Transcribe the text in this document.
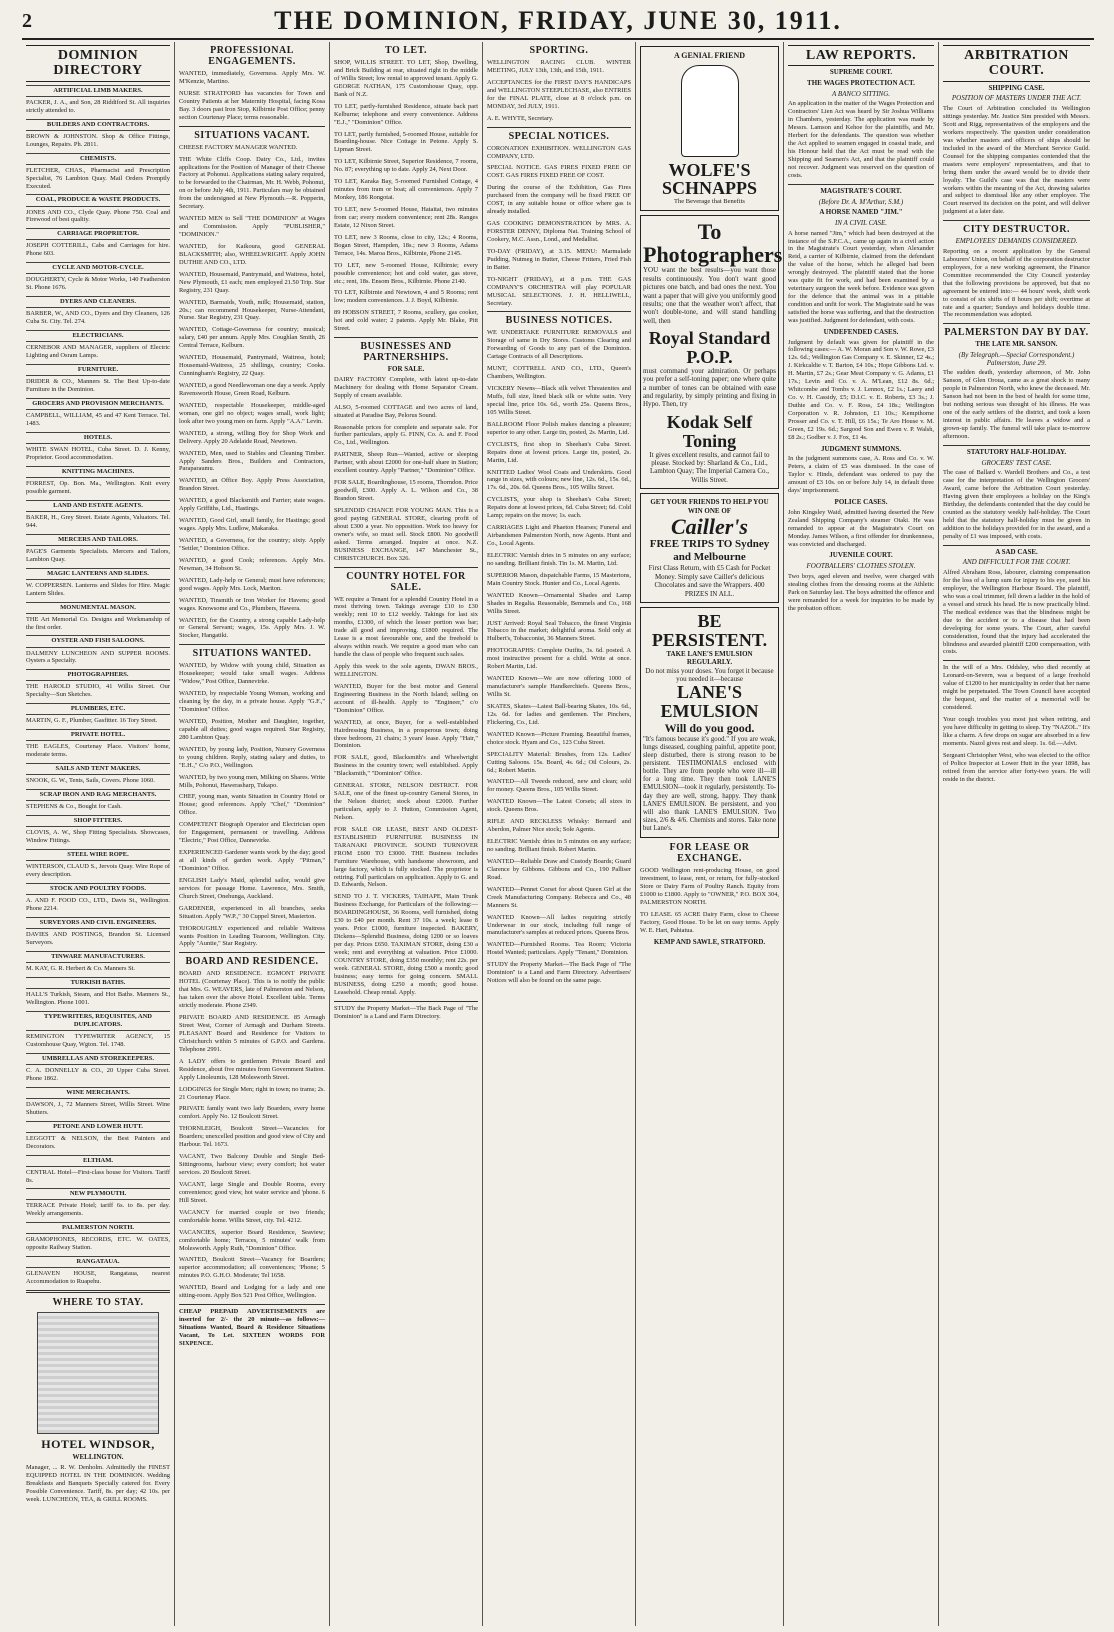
2	THE DOMINION, FRIDAY, JUNE 30, 1911.
DOMINION DIRECTORY
ARTIFICIAL LIMB MAKERS.
PACKER, J. A., and Son, 28 Riddiford St. All inquiries strictly attended to.
BUILDERS AND CONTRACTORS.
BROWN & JOHNSTON. Shop & Office Fittings, Lounges, Repairs. Ph. 2811.
CHEMISTS.
FLETCHER, CHAS., Pharmacist and Prescription Specialist, 76 Lambton Quay. Mail Orders Promptly Executed.
COAL, PRODUCE & WASTE PRODUCTS.
JONES AND CO., Clyde Quay. Phone 750. Coal and Firewood of best quality.
CARRIAGE PROPRIETOR.
JOSEPH COTTERILL, Cabs and Carriages for hire. Phone 603.
CYCLE AND MOTOR-CYCLE.
DOUGHERTY, Cycle & Motor Works, 140 Featherston St. Phone 1676.
DYERS AND CLEANERS.
BARBER, W., AND CO., Dyers and Dry Cleaners, 126 Cuba St. City. Tel. 274.
ELECTRICIANS.
CERNEBOR AND MANAGER, suppliers of Electric Lighting and Osram Lamps.
FURNITURE.
DRIDER & CO., Manners St. The Best Up-to-date Furniture in the Dominion.
GROCERS AND PROVISION MERCHANTS.
CAMPBELL, WILLIAM, 45 and 47 Kent Terrace. Tel. 1483.
HOTELS.
WHITE SWAN HOTEL, Cuba Street. D. J. Kenny, Proprietor. Good accommodation.
KNITTING MACHINES.
FORREST, Op. Bon. Ma., Wellington. Knit every possible garment.
LAND AND ESTATE AGENTS.
BAKER, H., Grey Street. Estate Agents, Valuators. Tel. 944.
MERCERS AND TAILORS.
PAGE'S Garments Specialists. Mercers and Tailors, Lambton Quay.
MAGIC LANTERNS AND SLIDES.
W. COPPERSEN. Lanterns and Slides for Hire. Magic Lantern Slides.
MONUMENTAL MASON.
THE Art Memorial Co. Designs and Workmanship of the first order.
OYSTER AND FISH SALOONS.
DALMENY LUNCHEON AND SUPPER ROOMS. Oysters a Specialty.
PHOTOGRAPHERS.
THE HAROLD STUDIO, 41 Willis Street. Our Specialty—Sun Sketches.
PLUMBERS, ETC.
MARTIN, G. F., Plumber, Gasfitter. 16 Tory Street.
PRIVATE HOTEL.
THE EAGLES, Courtenay Place. Visitors' home, moderate terms.
SAILS AND TENT MAKERS.
SNOOK, G. W., Tents, Sails, Covers. Phone 1060.
SCRAP IRON AND RAG MERCHANTS.
STEPHENS & Co., Bought for Cash.
SHOP FITTERS.
CLOVIS, A. W., Shop Fitting Specialists. Showcases, Window Fittings.
STEEL WIRE ROPE.
WINTERSON, CLAUD S., Jervois Quay. Wire Rope of every description.
STOCK AND POULTRY FOODS.
A. AND F. FOOD CO., LTD., Davis St., Wellington. Phone 2214.
SURVEYORS AND CIVIL ENGINEERS.
DAVIES AND POSTINGS, Brandon St. Licensed Surveyors.
TINWARE MANUFACTURERS.
M. KAY, G. R. Herbert & Co. Manners St.
TURKISH BATHS.
HALL'S Turkish, Steam, and Hot Baths. Manners St., Wellington. Phone 1001.
TYPEWRITERS, REQUISITES, AND DUPLICATORS.
REMINGTON TYPEWRITER AGENCY, 15 Customhouse Quay, Wgton. Tel. 1748.
UMBRELLAS AND STOREKEEPERS.
C. A. DONNELLY & CO., 20 Upper Cuba Street. Phone 1862.
WINE MERCHANTS.
DAWSON, J., 72 Manners Street, Willis Street. Wine Shutters.
PETONE AND LOWER HUTT.
LEGGOTT & NELSON, the Best Painters and Decorators.
ELTHAM.
CENTRAL Hotel—First-class house for Visitors. Tariff 8s.
NEW PLYMOUTH.
TERRACE Private Hotel; tariff 6s. to 8s. per day. Weekly arrangements.
PALMERSTON NORTH.
GRAMOPHONES, RECORDS, ETC. W. OATES, opposite Railway Station.
RANGATAUA.
GLENAVEN HOUSE, Rangataua, nearest Accommodation to Ruapehu.
WHERE TO STAY.
HOTEL WINDSOR,
WELLINGTON.
Manager, ... R. W. Denholm. Admittedly the FINEST EQUIPPED HOTEL IN THE DOMINION. Wedding Breakfasts and Banquets Specially catered for. Every Possible Convenience. Tariff, 8s. per day; 42 10s. per week. LUNCHEON, TEA, & GRILL ROOMS.
PROFESSIONAL ENGAGEMENTS.
WANTED, immediately, Governess. Apply Mrs. W. M'Kenzie, Martino.
NURSE STRATFORD has vacancies for Town and Country Patients at her Maternity Hospital, facing Kosa Bay. 3 doors past Iron Stop, Kilbirnie Post Office; penny section Courtenay Place; terms reasonable.
SITUATIONS VACANT.
CHEESE FACTORY MANAGER WANTED.
THE White Cliffs Coop. Dairy Co., Ltd., invites applications for the Position of Manager of their Cheese Factory at Pohonui. Applications stating salary required, to be forwarded to the Chairman, Mr. H. Webb, Pohonui, on or before July 4th, 1911. Particulars may be obtained from the undersigned at New Plymouth.—R. Popperin, Secretary.
WANTED MEN to Sell "THE DOMINION" at Wages and Commission. Apply "PUBLISHER," "DOMINION."
WANTED, for Kaikoura, good GENERAL BLACKSMITH; also, WHEELWRIGHT. Apply JOHN DUTHIE AND CO., LTD.
WANTED, Housemaid, Pantrymaid, and Waitress, hotel, New Plymouth, £1 each; men employed 21.50 Trip. Star Registry, 231 Quay.
WANTED, Barmaids, Youth, milk; Housemaid, station, 20s.; can recommend Housekeeper, Nurse-Attendant, Nurse. Star Registry, 231 Quay.
WANTED, Cottage-Governess for country; musical; salary, £40 per annum. Apply Mrs. Coughlan Smith, 26 Central Terrace, Kelburn.
WANTED, Housemaid, Pantrymaid, Waitress, hotel; Housemaid-Waitress, 25 shillings, country; Cooks. Cunningham's Registry, 22 Quay.
WANTED, a good Needlewoman one day a week. Apply Ravensworth House, Green Road, Kelburn.
WANTED, respectable Housekeeper, middle-aged woman, one girl no object; wages small, work light; look after two young men on farm. Apply "A.A." Levin.
WANTED, a strong, willing Boy for Shop Work and Delivery. Apply 20 Adelaide Road, Newtown.
WANTED, Men, used to Stables and Cleaning Timber. Apply Sanders Bros., Builders and Contractors, Paraparaumu.
WANTED, an Office Boy. Apply Press Association, Brandon Street.
WANTED, a good Blacksmith and Farrier; state wages. Apply Griffiths, Ltd., Hastings.
WANTED, Good Girl, small family, for Hastings; good wages. Apply Mrs. Ludlow, Makaraka.
WANTED, a Governess, for the country; sixty. Apply "Settler," Dominion Office.
WANTED, a good Cook; references. Apply Mrs. Newman, 34 Hobson St.
WANTED, Lady-help or General; must have references; good wages. Apply Mrs. Lock, Mariton.
WANTED, Tinsmith or Iron Worker for Havens; good wages. Knowsome and Co., Plumbers, Hawera.
WANTED, for the Country, a strong capable Lady-help or General Servant; wages, 15s. Apply Mrs. J. W. Stocker, Hangatiki.
SITUATIONS WANTED.
WANTED, by Widow with young child, Situation as Housekeeper; would take small wages. Address "Widow," Post Office, Dannevirke.
WANTED, by respectable Young Woman, working and cleaning by the day, in a private house. Apply "G.F.," "Dominion" Office.
WANTED, Position, Mother and Daughter, together, capable all duties; good wages required. Star Registry, 280 Lambton Quay.
WANTED, by young lady, Position, Nursery Governess to young children. Reply, stating salary and duties, to "E.H.," C/o P.O., Wellington.
WANTED, by two young men, Milking on Shares. Write Mills, Pohonui, Hawerasharp, Tukapo.
CHEF, young man, wants Situation in Country Hotel or House; good references. Apply "Chef," "Dominion" Office.
COMPETENT Biograph Operator and Electrician open for Engagement, permanent or travelling. Address "Electric," Post Office, Dannevirke.
EXPERIENCED Gardener wants work by the day; good at all kinds of garden work. Apply "Pitman," "Dominion" Office.
ENGLISH Lady's Maid, splendid sailor, would give services for passage Home. Lawrence, Mrs. Smith, Church Street, Onehunga, Auckland.
GARDENER, experienced in all branches, seeks Situation. Apply "W.P.," 30 Cuppel Street, Masterton.
THOROUGHLY experienced and reliable Waitress wants Position in Leading Tearoom, Wellington. City. Apply "Auntie," Star Registry.
BOARD AND RESIDENCE.
BOARD AND RESIDENCE. EGMONT PRIVATE HOTEL (Courtenay Place). This is to notify the public that Mrs. G. WEAVERS, late of Palmerston and Nelson, has taken over the above Hotel. Excellent table. Terms strictly moderate. Phone 2349.
PRIVATE BOARD AND RESIDENCE. 85 Armagh Street West, Corner of Armagh and Durham Streets. PLEASANT Board and Residence for Visitors to Christchurch within 5 minutes of G.P.O. and Gardens. Telephone 2991.
A LADY offers to gentlemen Private Board and Residence, about five minutes from Government Station. Apply Linoleumis, 128 Molesworth Street.
LODGINGS for Single Men; right in town; no trams; 2s. 21 Courtenay Place.
PRIVATE family want two lady Boarders, every home comfort. Apply No. 12 Boulcott Street.
THORNLEIGH, Boulcott Street—Vacancies for Boarders; unexcelled position and good view of City and Harbour. Tel. 1673.
VACANT, Two Balcony Double and Single Bed-Sittingrooms, harbour view; every comfort; hot water services. 20 Boulcott Street.
VACANT, large Single and Double Rooms, every convenience; good view, hot water service and 'phone. 6 Hill Street.
VACANCY for married couple or two friends; comfortable home. Willis Street, city. Tel. 4212.
VACANCIES, superior Board Residence, Seaview; comfortable home; Terraces, 5 minutes' walk from Molesworth. Apply Ruth, "Dominion" Office.
WANTED, Boulcott Street—Vacancy for Boarders; superior accommodation; all conveniences; 'Phone; 5 minutes P.O. G.H.O. Moderate; Tel 1658.
WANTED, Board and Lodging for a lady and one sitting-room. Apply Box 521 Post Office, Wellington.
CHEAP PREPAID ADVERTISEMENTS are inserted for 2/- the 20 minute—as follows:— Situations Wanted, Board & Residence Situations Vacant, To Let. SIXTEEN WORDS FOR SIXPENCE.
TO LET.
SHOP, WILLIS STREET. TO LET, Shop, Dwelling, and Brick Building at rear, situated right in the middle of Willis Street; low rental to approved tenant. Apply G. GEORGE NATHAN, 175 Customhouse Quay, opp. Bank of N.Z.
TO LET, partly-furnished Residence, situate back part Kelburne; telephone and every convenience. Address "E.J.," "Dominion" Office.
TO LET, partly furnished, 5-roomed House, suitable for Boarding-house. Nice Cottage in Petone. Apply S. Lipman Street.
TO LET, Kilbirnie Street, Superior Residence, 7 rooms, No. 87; everything up to date. Apply 24, Next Door.
TO LET, Karaka Bay, 5-roomed Furnished Cottage, 4 minutes from tram or boat; all conveniences. Apply 7 Monkey, 186 Rongotai.
TO LET, new 5-roomed House, Hataitai, two minutes from car; every modern convenience; rent 28s. Ranges Estate, 12 Nixon Street.
TO LET, new 3 Rooms, close to city, 12s.; 4 Rooms, Bogan Street, Hampden, 18s.; new 3 Rooms, Adams Terrace, 14s. Maroa Bros., Kilbirnie, Phone 2145.
TO LET, new 5-roomed House, Kilbirnie; every possible convenience; hot and cold water, gas stove, etc.; rent, 18s. Ensom Bros., Kilbirnie. Phone 2140.
TO LET, Kilbirnie and Newtown, 4 and 5 Rooms; rent low; modern conveniences. J. J. Boyd, Kilbirnie.
89 HOBSON STREET, 7 Rooms, scullery, gas cooker, hot and cold water; 2 patents. Apply Mr. Blake, Pitt Street.
BUSINESSES AND PARTNERSHIPS.
FOR SALE.
DAIRY FACTORY Complete, with latest up-to-date Machinery for dealing with Home Separator Cream. Supply of cream available.
ALSO, 5-roomed COTTAGE and two acres of land, situated at Paradise Bay, Pelorus Sound.
Reasonable prices for complete and separate sale. For further particulars, apply G. FINN, Co. A. and F. Food Co., Ltd., Wellington.
PARTNER, Sheep Run—Wanted, active or sleeping Partner, with about £2000 for one-half share in Station; excellent country. Apply "Partner," "Dominion" Office.
FOR SALE, Boardinghouse, 15 rooms, Thorndon. Price goodwill, £300. Apply A. L. Wilson and Co., 38 Brandon Street.
SPLENDID CHANCE FOR YOUNG MAN. This is a good paying GENERAL STORE, clearing profit of about £300 a year. No opposition. Work too heavy for owner's wife, so must sell. Stock £800. No goodwill asked. Terms arranged. Inquire at once. N.Z. BUSINESS EXCHANGE, 147 Manchester St., CHRISTCHURCH. Box 326.
COUNTRY HOTEL FOR SALE.
WE require a Tenant for a splendid Country Hotel in a most thriving town. Takings average £10 to £30 weekly; rent 10 to £12 weekly. Takings for last six months, £1300, of which the lesser portion was bar; trade all good and improving. £1800 required. The Lease is a most favourable one, and the freehold is always within reach. We require a good man who can handle the class of people who frequent such sales.
Apply this week to the sole agents, DWAN BROS., WELLINGTON.
WANTED, Buyer for the best motor and General Engineering Business in the North Island; selling on account of ill-health. Apply to "Engineer," c/o "Dominion" Office.
WANTED, at once, Buyer, for a well-established Hairdressing Business, in a prosperous town; doing three bedroom, 21 chairs; 3 years' lease. Apply "Hair," Dominion.
FOR SALE, good, Blacksmith's and Wheelwright Business in the country town; well established. Apply "Blacksmith," "Dominion" Office.
GENERAL STORE, NELSON DISTRICT. FOR SALE, one of the finest up-country General Stores, in the Nelson district; stock about £2000. Further particulars, apply to J. Hutton, Commission Agent, Nelson.
FOR SALE OR LEASE, BEST AND OLDEST-ESTABLISHED FURNITURE BUSINESS IN TARANAKI PROVINCE. SOUND TURNOVER FROM £600 TO £3000. THE Business includes Furniture Warehouse, with handsome showroom, and large factory, which is fully stocked. The proprietor is retiring. Full particulars on application. Apply to G. and D. Edwards, Nelson.
SEND TO J. T. VICKERS, TAIHAPE, Main Trunk Business Exchange, for Particulars of the following:— BOARDINGHOUSE, 36 Rooms, well furnished, doing £30 to £40 per month. Rent 37 10s. a week; lease 8 years. Price £1000, furniture inspected. BAKERY, Dickens—Splendid Business, doing 1200 or so loaves per day. Prices £650. TAXIMAN STORE, doing £30 a week; rent and everything at valuation. Price £1000. COUNTRY STORE, doing £350 monthly; rent 22s. per week. GENERAL STORE, doing £500 a month; good business; easy terms for going concern. SMALL BUSINESS, doing £250 a month; good house. Leasehold. Cheap rental. Apply.
STUDY the Property Market—The Back Page of "The Dominion" is a Land and Farm Directory.
SPORTING.
WELLINGTON RACING CLUB. WINTER MEETING, JULY 13th, 13th, and 15th, 1911.
ACCEPTANCES for the FIRST DAY'S HANDICAPS and WELLINGTON STEEPLECHASE, also ENTRIES for the FINAL PLATE, close at 8 o'clock p.m. on MONDAY, 3rd JULY, 1911.
A. E. WHYTE, Secretary.
SPECIAL NOTICES.
CORONATION EXHIBITION. WELLINGTON GAS COMPANY, LTD.
SPECIAL NOTICE. GAS FIRES FIXED FREE OF COST. GAS FIRES FIXED FREE OF COST.
During the course of the Exhibition, Gas Fires purchased from the company will be fixed FREE OF COST, in any suitable house or office where gas is already installed.
GAS COOKING DEMONSTRATION by MRS. A. FORSTER DENNY, Diploma Nat. Training School of Cookery, M.C. Assn., Lond., and Medallist.
TO-DAY (FRIDAY), at 3.15. MENU: Marmalade Pudding, Nutmeg in Butter, Cheese Fritters, Fried Fish in Batter.
TO-NIGHT (FRIDAY), at 8 p.m. THE GAS COMPANY'S ORCHESTRA will play POPULAR MUSICAL SELECTIONS. J. H. HELLIWELL, Secretary.
BUSINESS NOTICES.
WE UNDERTAKE FURNITURE REMOVALS and Storage of same in Dry Stores. Customs Clearing and Forwarding of Goods to any part of the Dominion. Cartage Contracts of all Descriptions.
MUNT, COTTRELL AND CO., LTD., Queen's Chambers, Wellington.
VICKERY Newns—Black silk velvet Threatenites and Muffs, full size, lined black silk or white satin. Very special line, price 10s. 6d., worth 25s. Queens Bros., 105 Willis Street.
BALLROOM Floor Polish makes dancing a pleasure; superior to any other. Large tin, posted, 2s. Martin, Ltd.
CYCLISTS, first shop in Sheehan's Cuba Street. Repairs done at lowest prices. Large tin, posted, 2s. Martin, Ltd.
KNITTED Ladies' Wool Coats and Underskirts. Good range in sizes, with colours; new line, 12s. 6d., 15s. 6d., 17s. 6d., 20s. 6d. Queens Bros., 105 Willis Street.
CYCLISTS, your shop is Sheehan's Cuba Street; Repairs done at lowest prices, 6d. Cuba Street; 6d. Cold Lamp; repairs on the move; 1s. each.
CARRIAGES Light and Phaeton Hearses; Funeral and Airbandsmen Palmerston North, now Agents. Hunt and Co., Local Agents.
ELECTRIC Varnish dries in 5 minutes on any surface; no sanding. Brilliant finish. Tin 1s. M. Martin, Ltd.
SUPERIOR Mason, dispatchable Farms, 15 Mastertons, Main Country Stock. Hunter and Co., Local Agents.
WANTED Known—Ornamental Shades and Lamp Shades in Regalia. Reasonable, Bemmels and Co., 168 Willis Street.
JUST Arrived: Royal Seal Tobacco, the finest Virginia Tobacco in the market; delightful aroma. Sold only at Hulbert's, Tobacconist, 36 Manners Street.
PHOTOGRAPHS: Complete Outfits, 3s. 6d. posted. A most instructive present for a child. Write at once. Robert Martin, Ltd.
WANTED Known—We are now offering 1000 of manufacturer's sample Handkerchiefs. Queens Bros., Willis St.
SKATES, Skates—Latest Ball-bearing Skates, 10s. 6d., 12s. 6d. for ladies and gentlemen. The Pinchers, Flickering, Co., Ltd.
WANTED Known—Picture Framing. Beautiful frames, choice stock. Hyam and Co., 123 Cuba Street.
SPECIALITY Material: Brushes, from 12s. Ladies' Cutting Saloons. 15s. Board, 4s. 6d.; Oil Colours, 2s. 6d.; Robert Martin.
WANTED—All Tweeds reduced, new and clean; sold for money. Queens Bros., 105 Willis Street.
WANTED Known—The Latest Corsets; all sizes in stock. Queens Bros.
RIFLE AND RECKLESS Whisky: Bernard and Aberdon, Palmer Nice stock; Sole Agents.
ELECTRIC Varnish: dries in 5 minutes on any surface; no sanding. Brilliant finish. Robert Martin.
WANTED—Reliable Draw and Custody Boards; Guard Clarence by Gibbons. Gibbons and Co., 190 Palliser Road.
WANTED—Pennet Corset for about Queen Girl at the Creek Manufacturing Company. Rebecca and Co., 48 Manners St.
WANTED Known—All ladies requiring strictly Underwear in our stock, including full range of manufacturer's samples at reduced prices. Queens Bros.
WANTED—Furnished Rooms. Tea Room; Victoria Hostel Wanted; particulars. Apply "Tenant," Dominion.
STUDY the Property Market—The Back Page of "The Dominion" is a Land and Farm Directory. Advertisers' Notices will also be found on the same page.
A GENIAL FRIEND
WOLFE'S SCHNAPPS
The Beverage that Benefits
To Photographers
YOU want the best results—you want those results continuously. You don't want good pictures one batch, and bad ones the next. You want a paper that will give you uniformly good results; one that the weather won't affect, that won't double-tone, and will stand handling well, then
Royal Standard P.O.P.
must command your admiration. Or perhaps you prefer a self-toning paper; one where quite a number of tones can be obtained with ease and regularity, by simply printing and fixing in Hypo. Then, try
Kodak Self Toning
It gives excellent results, and cannot fail to please. Stocked by: Sharland & Co., Ltd., Lambton Quay; The Imperial Camera Co., Willis Street.
GET YOUR FRIENDS TO HELP YOU WIN ONE OF
Cailler's
FREE TRIPS TO Sydney and Melbourne
First Class Return, with £5 Cash for Pocket Money. Simply save Cailler's delicious Chocolates and save the Wrappers. 400 PRIZES IN ALL.
BE PERSISTENT.
TAKE LANE'S EMULSION REGULARLY.
Do not miss your doses. You forget it because you needed it—because
LANE'S EMULSION
Will do you good.
"It's famous because it's good." If you are weak, lungs diseased, coughing painful, appetite poor, sleep disturbed, there is strong reason to be persistent. TESTIMONIALS enclosed with bottle. They are from people who were ill—ill for a long time. They then took LANE'S EMULSION—took it regularly, persistently. To-day they are well, strong, happy. They thank LANE'S EMULSION. Be persistent, and you will also thank LANE'S EMULSION. Two sizes, 2/6 & 4/6. Chemists and stores. Take none but Lane's.
FOR LEASE OR EXCHANGE.
GOOD Wellington rent-producing House, on good investment, to lease, rent, or return, for fully-stocked Store or Dairy Farm of Poultry Ranch. Equity from £1000 to £1800. Apply to "OWNER," P.O. BOX 304, PALMERSTON NORTH.
TO LEASE. 65 ACRE Dairy Farm, close to Cheese Factory, Good House. To be let on easy terms. Apply W. E. Hart, Pahiatua.
KEMP AND SAWLE, STRATFORD.
LAW REPORTS.
SUPREME COURT.
THE WAGES PROTECTION ACT.
A BANCO SITTING.
An application in the matter of the Wages Protection and Contractors' Lien Act was heard by Sir Joshua Williams in Chambers, yesterday. The application was made by Messrs. Lamson and Kehoe for the plaintiffs, and Mr. Herbert for the defendants. The question was whether the Act applied to seamen engaged in coastal trade, and his Honour held that the Act must be read with the Shipping and Seamen's Act, and that the plaintiff could not recover. Judgment was reserved on the question of costs.
MAGISTRATE'S COURT.
(Before Dr. A. M'Arthur, S.M.)
A HORSE NAMED "JIM."
IN A CIVIL CASE.
A horse named "Jim," which had been destroyed at the instance of the S.P.C.A., came up again in a civil action in the Magistrate's Court yesterday, when Alexander Reid, a carrier of Kilbirnie, claimed from the defendant the value of the horse, which he alleged had been wrongly destroyed. The plaintiff stated that the horse was quite fit for work, and had been examined by a veterinary surgeon the week before. Evidence was given for the defence that the animal was in a pitiable condition and unfit for work. The Magistrate said he was satisfied the horse was suffering, and that the destruction was justified. Judgment for defendant, with costs.
UNDEFENDED CASES.
Judgment by default was given for plaintiff in the following cases:— A. W. Moran and Son v. W. Rowe, £3 12s. 6d.; Wellington Gas Company v. E. Skinner, £2 4s.; J. Kirkcaldie v. T. Barton, £4 10s.; Hope Gibbons Ltd. v. H. Martin, £7 2s.; Gear Meat Company v. G. Adams, £1 17s.; Levin and Co. v. A. M'Lean, £12 8s. 6d.; Whitcombe and Tombs v. J. Lennox, £2 1s.; Laery and Co. v. H. Cassidy, £5; D.I.C. v. E. Roberts, £3 3s.; J. Duthie and Co. v. F. Ross, £4 18s.; Wellington Corporation v. R. Johnston, £1 10s.; Kempthorne Prosser and Co. v. T. Hill, £6 15s.; Te Aro House v. M. Green, £2 19s. 6d.; Sargood Son and Ewen v. P. Walsh, £8 2s.; Godber v. J. Fox, £1 4s.
JUDGMENT SUMMONS.
In the judgment summons case, A. Ross and Co. v. W. Peters, a claim of £5 was dismissed. In the case of Taylor v. Hinds, defendant was ordered to pay the amount of £3 10s. on or before July 14, in default three days' imprisonment.
POLICE CASES.
John Kingsley Waid, admitted having deserted the New Zealand Shipping Company's steamer Otaki. He was remanded to appear at the Magistrate's Court on Monday. James Wilson, a first offender for drunkenness, was convicted and discharged.
JUVENILE COURT.
FOOTBALLERS' CLOTHES STOLEN.
Two boys, aged eleven and twelve, were charged with stealing clothes from the dressing rooms at the Athletic Park on Saturday last. The boys admitted the offence and were remanded for a week for inquiries to be made by the probation officer.
ARBITRATION COURT.
SHIPPING CASE.
POSITION OF MASTERS UNDER THE ACT.
The Court of Arbitration concluded its Wellington sittings yesterday. Mr. Justice Sim presided with Messrs. Scott and Rigg, representatives of the employers and the workers respectively. The question under consideration was whether masters and officers of ships should be included in the award of the Merchant Service Guild. Counsel for the shipping companies contended that the masters were employers' representatives, and that to bring them under the award would be to divide their loyalty. The Guild's case was that the masters were workers within the meaning of the Act, drawing salaries and subject to dismissal like any other employee. The Court reserved its decision on the point, and will deliver judgment at a later date.
CITY DESTRUCTOR.
EMPLOYEES' DEMANDS CONSIDERED.
Reporting on a recent application by the General Labourers' Union, on behalf of the corporation destructor employees, for a new working agreement, the Finance Committee recommended the City Council yesterday that the following provisions be approved, but that no agreement be entered into:— 44 hours' week, shift work to consist of six shifts of 8 hours per shift; overtime at rate and a quarter; Sundays and holidays double time. The recommendation was adopted.
PALMERSTON DAY BY DAY.
THE LATE MR. SANSON.
(By Telegraph.—Special Correspondent.) Palmerston, June 29.
The sudden death, yesterday afternoon, of Mr. John Sanson, of Glen Oroua, came as a great shock to many people in Palmerston North, who knew the deceased. Mr. Sanson had not been in the best of health for some time, but nothing serious was thought of his illness. He was one of the early settlers of the district, and took a keen interest in public affairs. He leaves a widow and a grown-up family. The funeral will take place to-morrow afternoon.
STATUTORY HALF-HOLIDAY.
GROCERS' TEST CASE.
The case of Ballard v. Wardell Brothers and Co., a test case for the interpretation of the Wellington Grocers' Award, came before the Arbitration Court yesterday. Having given their employees a holiday on the King's Birthday, the defendants contended that the day could be counted as the statutory weekly half-holiday. The Court held that the statutory half-holiday must be given in addition to the holidays provided for in the award, and a penalty of £1 was imposed, with costs.
A SAD CASE.
AND DIFFICULT FOR THE COURT.
Alfred Abraham Ross, labourer, claiming compensation for the loss of a lump sum for injury to his eye, sued his employer, the Wellington Harbour Board. The plaintiff, who was a coal trimmer, fell down a ladder in the hold of a vessel and struck his head. He is now practically blind. The medical evidence was that the blindness might be due to the accident or to a disease that had been developing for some years. The Court, after careful consideration, found that the injury had accelerated the blindness and awarded plaintiff £200 compensation, with costs.
In the will of a Mrs. Oddsley, who died recently at Leonard-on-Severn, was a bequest of a large freehold value of £1200 to her municipality in order that her name might be perpetuated. The Town Council have accepted the bequest, and the matter of a memorial will be considered.
Your cough troubles you most just when retiring, and you have difficulty in getting to sleep. Try "NAZOL." It's like a charm. A few drops on sugar are absorbed in a few moments. Nazol gives rest and sleep. 1s. 6d.—Advt.
Sergeant Christopher West, who was elected to the office of Police Inspector at Lower Hutt in the year 1898, has retired from the service after forty-two years. He will reside in the district.
